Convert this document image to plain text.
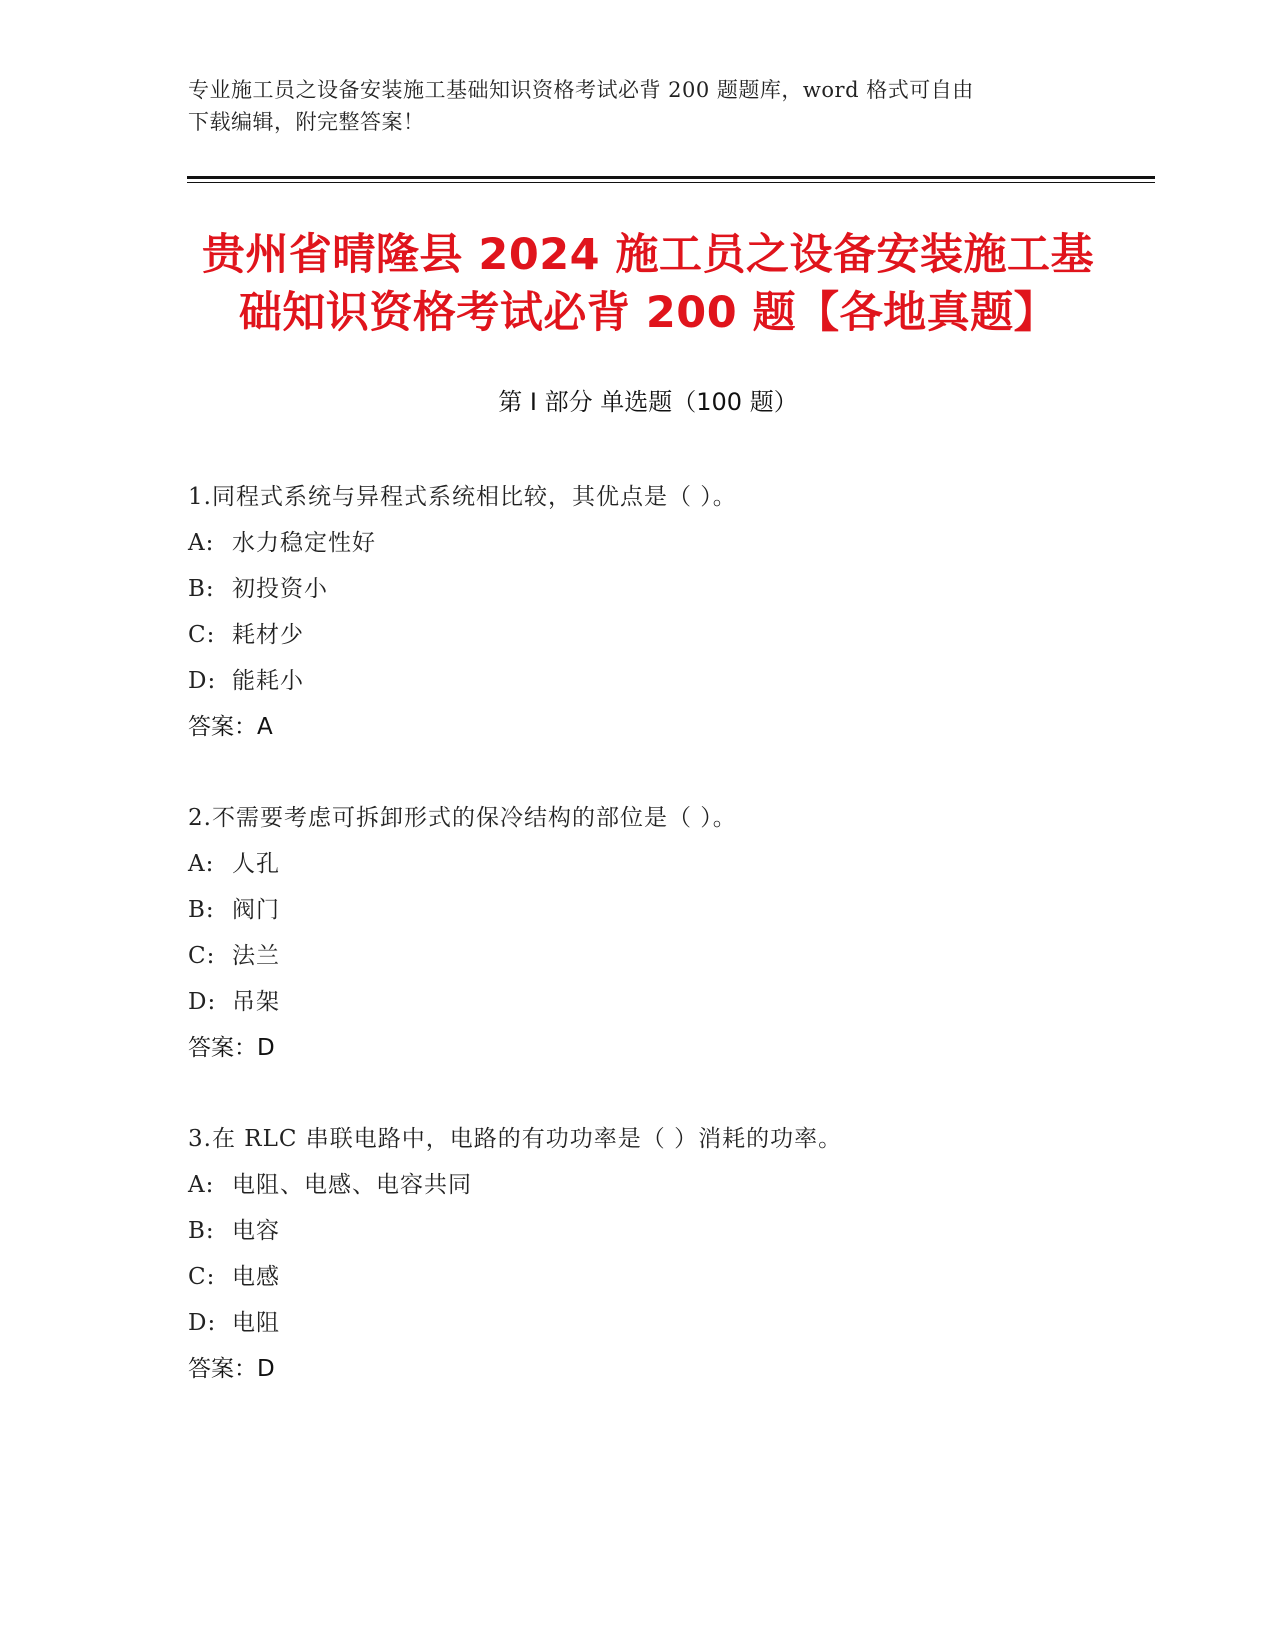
专业施工员之设备安装施工基础知识资格考试必背 200 题题库，word 格式可自由
下载编辑，附完整答案！
贵州省晴隆县 2024 施工员之设备安装施工基
础知识资格考试必背 200 题【各地真题】
第 I 部分 单选题（100 题）
1.同程式系统与异程式系统相比较，其优点是（ ）。
A: 水力稳定性好
B: 初投资小
C: 耗材少
D: 能耗小
答案：A
2.不需要考虑可拆卸形式的保冷结构的部位是（ ）。
A: 人孔
B: 阀门
C: 法兰
D: 吊架
答案：D
3.在 RLC 串联电路中，电路的有功功率是（ ）消耗的功率。
A: 电阻、电感、电容共同
B: 电容
C: 电感
D: 电阻
答案：D
